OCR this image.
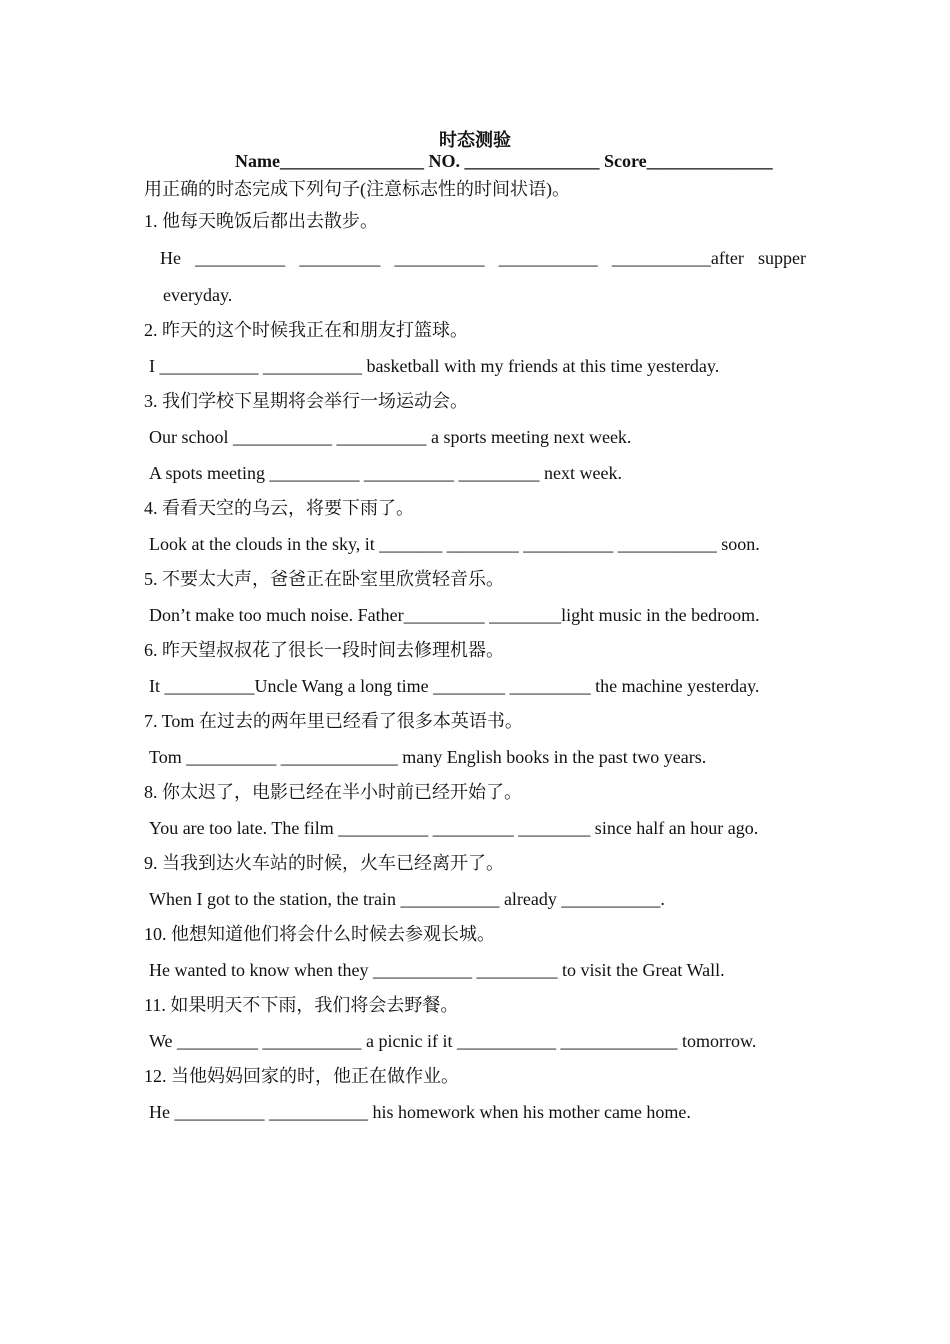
时态测验
Name________________ NO. _______________ Score______________
用正确的时态完成下列句子(注意标志性的时间状语)。
1. 他每天晚饭后都出去散步。
He __________ _________ __________ ___________ ___________after supper
everyday.
2. 昨天的这个时候我正在和朋友打篮球。
I ___________ ___________ basketball with my friends at this time yesterday.
3. 我们学校下星期将会举行一场运动会。
Our school ___________ __________ a sports meeting next week.
A spots meeting __________ __________ _________ next week.
4. 看看天空的乌云，将要下雨了。
Look at the clouds in the sky, it _______ ________ __________ ___________ soon.
5. 不要太大声，爸爸正在卧室里欣赏轻音乐。
Don’t make too much noise. Father_________ ________light music in the bedroom.
6. 昨天望叔叔花了很长一段时间去修理机器。
It __________Uncle Wang a long time ________ _________ the machine yesterday.
7. Tom 在过去的两年里已经看了很多本英语书。
Tom __________ _____________ many English books in the past two years.
8. 你太迟了，电影已经在半小时前已经开始了。
You are too late. The film __________ _________ ________ since half an hour ago.
9. 当我到达火车站的时候，火车已经离开了。
When I got to the station, the train ___________ already ___________.
10. 他想知道他们将会什么时候去参观长城。
He wanted to know when they ___________ _________ to visit the Great Wall.
11. 如果明天不下雨，我们将会去野餐。
We _________ ___________ a picnic if it ___________ _____________ tomorrow.
12. 当他妈妈回家的时，他正在做作业。
He __________ ___________ his homework when his mother came home.
